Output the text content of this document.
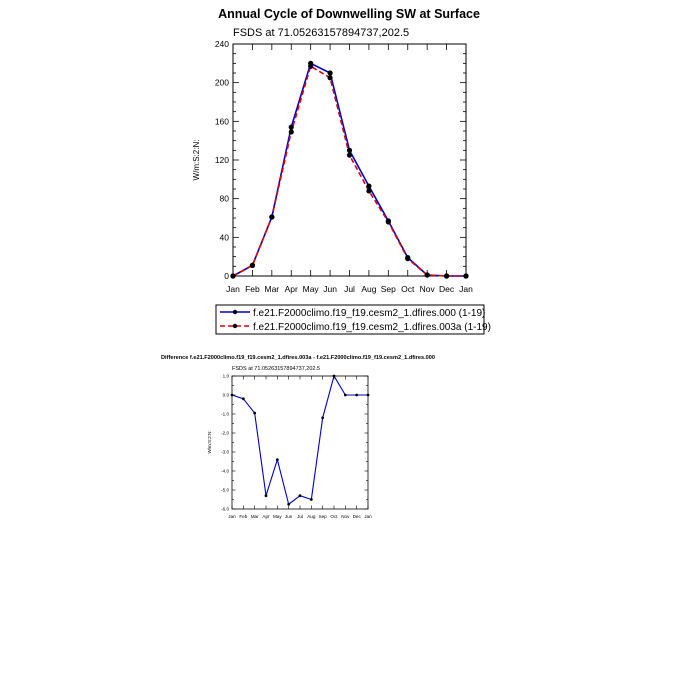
Annual Cycle of Downwelling SW at Surface
FSDS at 71.05263157894737,202.5
W/m:S:2:N:
Jan Feb Mar Apr May Jun Jul Aug Sep Oct Nov Dec Jan
0
40
80
120
160
200
240
f.e21.F2000climo.f19_f19.cesm2_1.dfires.000 (1-19)
f.e21.F2000climo.f19_f19.cesm2_1.dfires.003a (1-19)
Difference f.e21.F2000climo.f19_f19.cesm2_1.dfires.003a - f.e21.F2000climo.f19_f19.cesm2_1.dfires.000
FSDS at 71.05263157894737,202.5
W/m:S:2:N:
Jan Feb Mar Apr May Jun Jul Aug Sep Oct Nov Dec Jan
-6.0
-5.0
-4.0
-3.0
-2.0
-1.0
0.0
1.0
